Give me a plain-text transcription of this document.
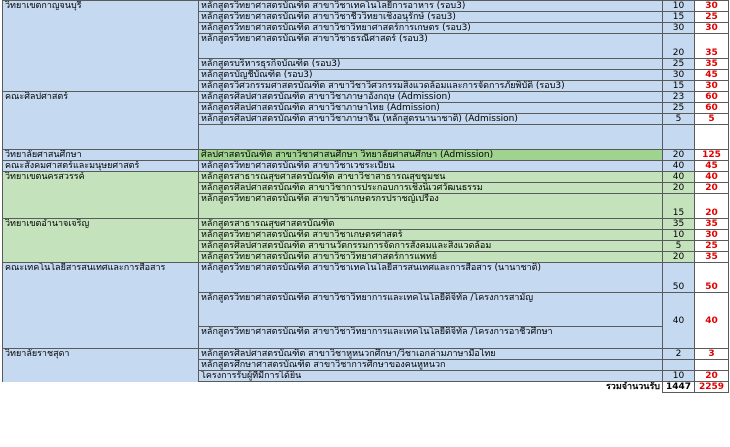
วิทยาเขตกาญจนบุรี	หลักสูตรวิทยาศาสตรบัณฑิต สาขาวิชาเทคโนโลยีการอาหาร (รอบ3)		10	30
	หลักสูตรวิทยาศาสตรบัณฑิต สาขาวิชาชีววิทยาเชิงอนุรักษ์ (รอบ3)		15	25
	หลักสูตรวิทยาศาสตรบัณฑิต สาขาวิชาวิทยาศาสตร์การเกษตร (รอบ3)		30	30
	หลักสูตรวิทยาศาสตรบัณฑิต สาขาวิชาธรณีศาสตร์ (รอบ3)		20	35
	หลักสูตรบริหารธุรกิจบัณฑิต (รอบ3)		25	35
	หลักสูตรบัญชีบัณฑิต (รอบ3)		30	45
	หลักสูตรวิศวกรรมศาสตรบัณฑิต สาขาวิชาวิศวกรรมสิ่งแวดล้อมและการจัดการภัยพิบัติ (รอบ3)		15	30
คณะศิลปศาสตร์	หลักสูตรศิลปศาสตรบัณฑิต สาขาวิชาภาษาอังกฤษ (Admission)		23	60
	หลักสูตรศิลปศาสตรบัณฑิต สาขาวิชาภาษาไทย (Admission)		25	60
	หลักสูตรศิลปศาสตรบัณฑิต สาขาวิชาภาษาจีน (หลักสูตรนานาชาติ) (Admission)		5	5

วิทยาลัยศาสนศึกษา	ศิลปศาสตรบัณฑิต สาขาวิชาศาสนศึกษา วิทยาลัยศาสนศึกษา (Admission)		20	125
คณะสังคมศาสตร์และมนุษยศาสตร์	หลักสูตรวิทยาศาสตรบัณฑิต สาขาวิชาเวชระเบียน		40	45
วิทยาเขตนครสวรรค์	หลักสูตรสาธารณสุขศาสตรบัณฑิต สาขาวิชาสาธารณสุขชุมชน		40	40
	หลักสูตรศิลปศาสตรบัณฑิต สาขาวิชาการประกอบการเชิงนิเวศวัฒนธรรม		20	20
	หลักสูตรวิทยาศาสตรบัณฑิต สาขาวิชาเกษตรกรปราชญ์เปรื่อง		15	20
วิทยาเขตอำนาจเจริญ	หลักสูตรสาธารณสุขศาสตรบัณฑิต		35	35
	หลักสูตรวิทยาศาสตรบัณฑิต สาขาวิชาเกษตรศาสตร์		10	30
	หลักสูตรศิลปศาสตรบัณฑิต สาขานวัตกรรมการจัดการสังคมและสิ่งแวดล้อม		5	25
	หลักสูตรวิทยาศาสตรบัณฑิต สาขาวิชาวิทยาศาสตร์การแพทย์		20	35
คณะเทคโนโลยีสารสนเทศและการสื่อสาร	หลักสูตรวิทยาศาสตรบัณฑิต สาขาวิชาเทคโนโลยีสารสนเทศและการสื่อสาร (นานาชาติ)		50	50
	หลักสูตรวิทยาศาสตรบัณฑิต สาขาวิชาวิทยาการและเทคโนโลยีดิจิทัล /โครงการสามัญ		40	40
	หลักสูตรวิทยาศาสตรบัณฑิต สาขาวิชาวิทยาการและเทคโนโลยีดิจิทัล /โครงการอาชีวศึกษา		
วิทยาลัยราชสุดา	หลักสูตรศิลปศาสตรบัณฑิต สาขาวิชาหูหนวกศึกษา/วิชาเอกล่ามภาษามือไทย		2	3
	หลักสูตรศึกษาศาสตรบัณฑิต สาขาวิชาการศึกษาของคนหูหนวก			
	โครงการรับผู้ที่มีการได้ยิน		10	20
รวมจำนวนรับ		1447	2259
